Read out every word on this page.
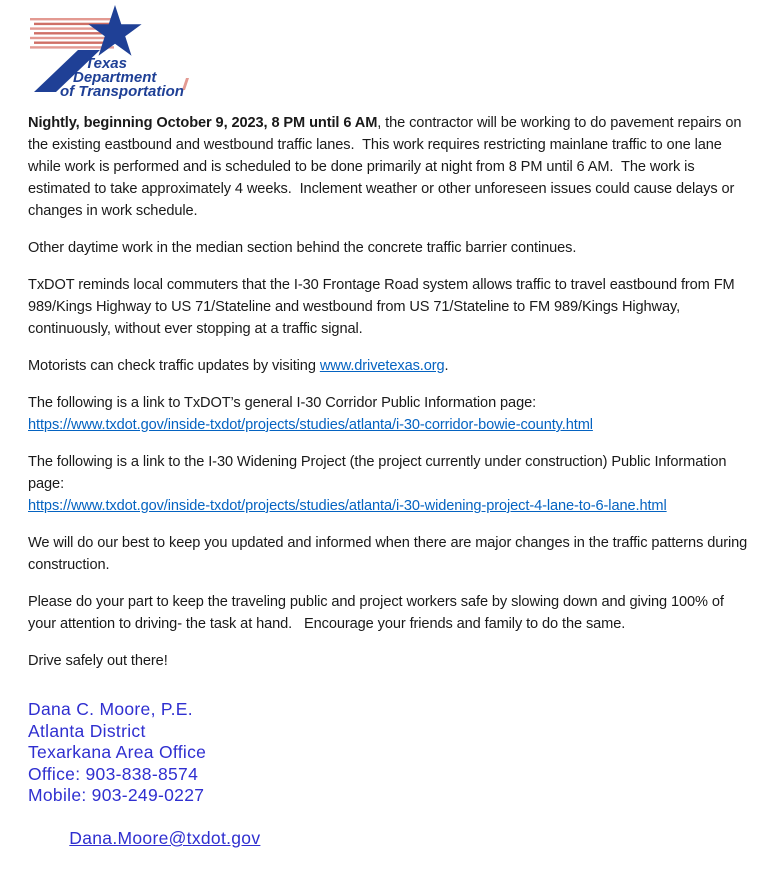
Texas
Department
of Transportation

Nightly, beginning October 9, 2023, 8 PM until 6 AM, the contractor will be working to do pavement repairs on the existing eastbound and westbound traffic lanes.  This work requires restricting mainlane traffic to one lane while work is performed and is scheduled to be done primarily at night from 8 PM until 6 AM.  The work is estimated to take approximately 4 weeks.  Inclement weather or other unforeseen issues could cause delays or changes in work schedule.

Other daytime work in the median section behind the concrete traffic barrier continues.

TxDOT reminds local commuters that the I-30 Frontage Road system allows traffic to travel eastbound from FM 989/Kings Highway to US 71/Stateline and westbound from US 71/Stateline to FM 989/Kings Highway, continuously, without ever stopping at a traffic signal.

Motorists can check traffic updates by visiting www.drivetexas.org.

The following is a link to TxDOT’s general I-30 Corridor Public Information page:
https://www.txdot.gov/inside-txdot/projects/studies/atlanta/i-30-corridor-bowie-county.html

The following is a link to the I-30 Widening Project (the project currently under construction) Public Information page:
https://www.txdot.gov/inside-txdot/projects/studies/atlanta/i-30-widening-project-4-lane-to-6-lane.html

We will do our best to keep you updated and informed when there are major changes in the traffic patterns during construction.

Please do your part to keep the traveling public and project workers safe by slowing down and giving 100% of your attention to driving- the task at hand.   Encourage your friends and family to do the same.

Drive safely out there!

Dana C. Moore, P.E.
Atlanta District
Texarkana Area Office
Office: 903-838-8574
Mobile: 903-249-0227

Dana.Moore@txdot.gov
